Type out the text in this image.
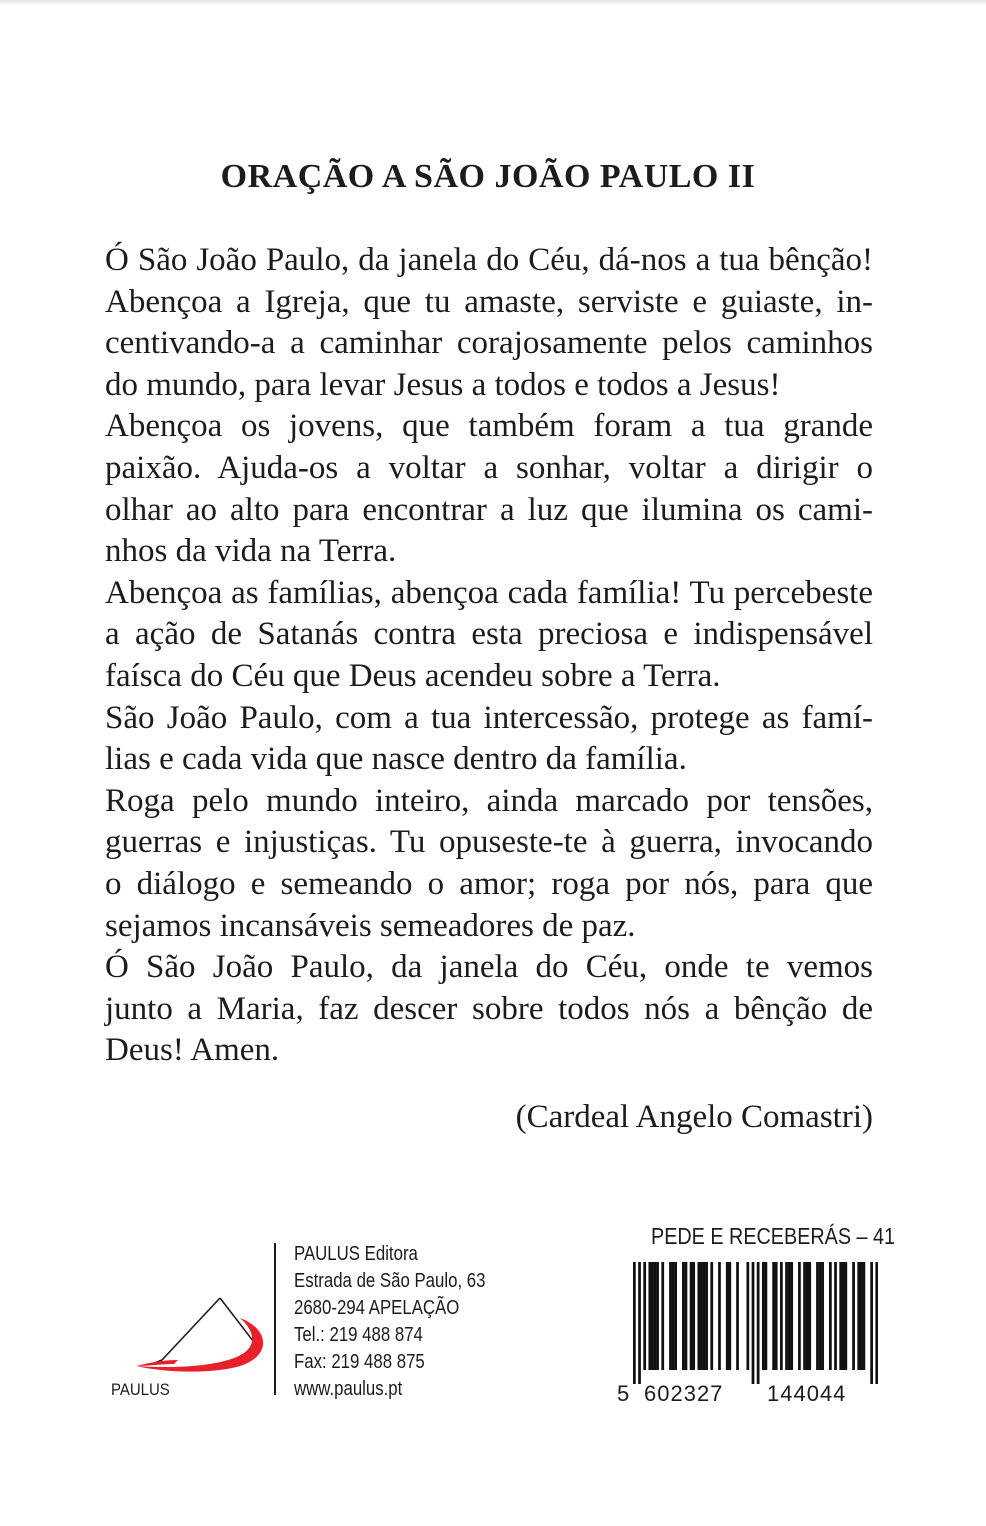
ORAÇÃO A SÃO JOÃO PAULO II
Ó São João Paulo, da janela do Céu, dá-nos a tua bênção!
Abençoa a Igreja, que tu amaste, serviste e guiaste, in-
centivando-a a caminhar corajosamente pelos caminhos
do mundo, para levar Jesus a todos e todos a Jesus!
Abençoa os jovens, que também foram a tua grande
paixão. Ajuda-os a voltar a sonhar, voltar a dirigir o
olhar ao alto para encontrar a luz que ilumina os cami-
nhos da vida na Terra.
Abençoa as famílias, abençoa cada família! Tu percebeste
a ação de Satanás contra esta preciosa e indispensável
faísca do Céu que Deus acendeu sobre a Terra.
São João Paulo, com a tua intercessão, protege as famí-
lias e cada vida que nasce dentro da família.
Roga pelo mundo inteiro, ainda marcado por tensões,
guerras e injustiças. Tu opuseste-te à guerra, invocando
o diálogo e semeando o amor; roga por nós, para que
sejamos incansáveis semeadores de paz.
Ó São João Paulo, da janela do Céu, onde te vemos
junto a Maria, faz descer sobre todos nós a bênção de
Deus! Amen.
(Cardeal Angelo Comastri)
PAULUS
PAULUS Editora
Estrada de São Paulo, 63
2680-294 APELAÇÃO
Tel.: 219 488 874
Fax: 219 488 875
www.paulus.pt
PEDE E RECEBERÁS – 41
5 602327 144044
